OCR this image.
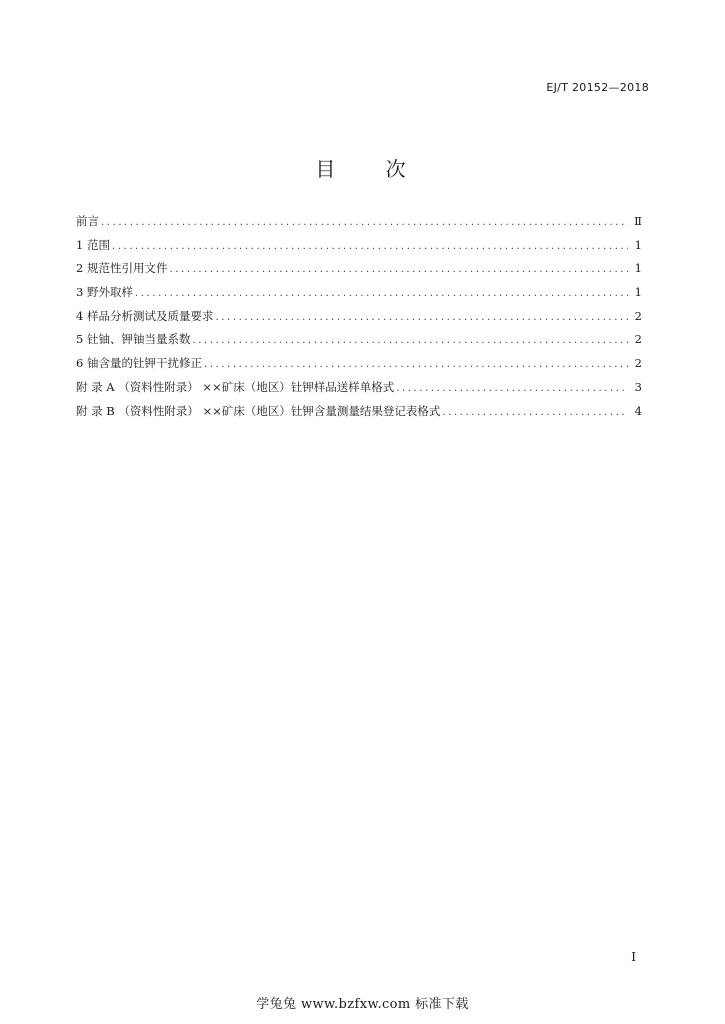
EJ/T 20152—2018
目 次
前言 .....	Ⅱ
1 范围 .....	1
2 规范性引用文件 .....	1
3 野外取样 .....	1
4 样品分析测试及质量要求 .....	2
5 钍铀、钾铀当量系数 .....	2
6 铀含量的钍钾干扰修正 .....	2
附 录 A （资料性附录） ××矿床（地区）钍钾样品送样单格式 .....	3
附 录 B （资料性附录） ××矿床（地区）钍钾含量测量结果登记表格式 .....	4
I
学兔兔 www.bzfxw.com 标准下载
